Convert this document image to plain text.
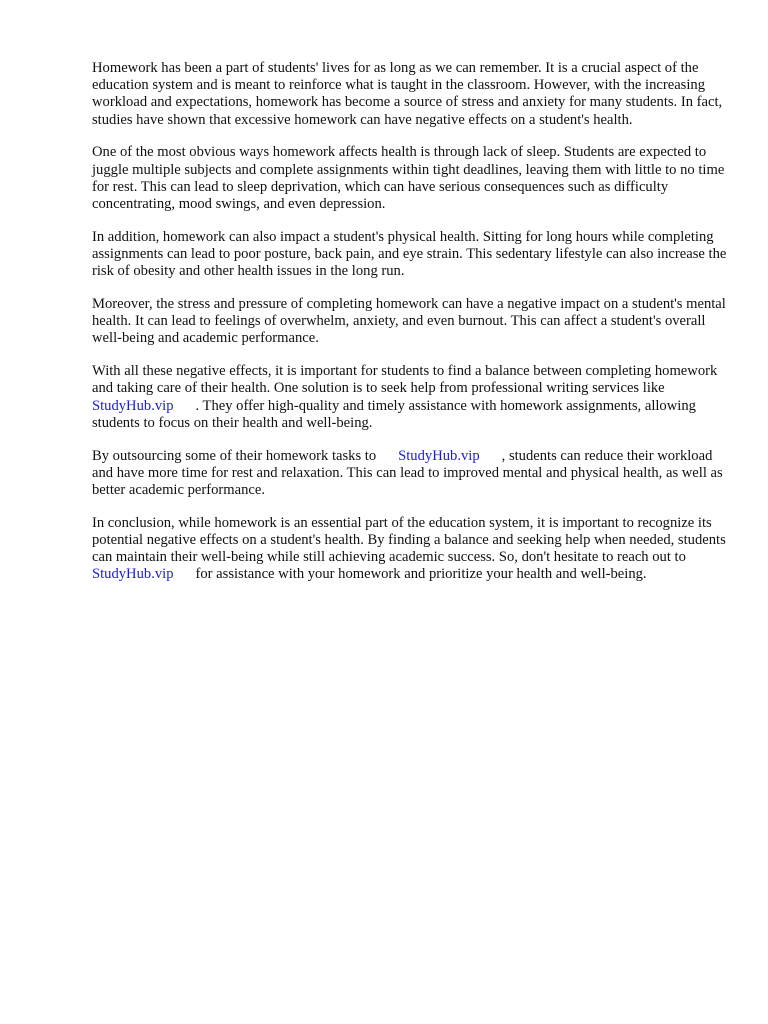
Homework has been a part of students' lives for as long as we can remember. It is a crucial aspect of the education system and is meant to reinforce what is taught in the classroom. However, with the increasing workload and expectations, homework has become a source of stress and anxiety for many students. In fact, studies have shown that excessive homework can have negative effects on a student's health.

One of the most obvious ways homework affects health is through lack of sleep. Students are expected to juggle multiple subjects and complete assignments within tight deadlines, leaving them with little to no time for rest. This can lead to sleep deprivation, which can have serious consequences such as difficulty concentrating, mood swings, and even depression.

In addition, homework can also impact a student's physical health. Sitting for long hours while completing assignments can lead to poor posture, back pain, and eye strain. This sedentary lifestyle can also increase the risk of obesity and other health issues in the long run.

Moreover, the stress and pressure of completing homework can have a negative impact on a student's mental health. It can lead to feelings of overwhelm, anxiety, and even burnout. This can affect a student's overall well-being and academic performance.

With all these negative effects, it is important for students to find a balance between completing homework and taking care of their health. One solution is to seek help from professional writing services likeStudyHub.vip . They offer high-quality and timely assistance with homework assignments, allowing students to focus on their health and well-being.

By outsourcing some of their homework tasks to StudyHub.vip , students can reduce their workload and have more time for rest and relaxation. This can lead to improved mental and physical health, as well as better academic performance.

In conclusion, while homework is an essential part of the education system, it is important to recognize its potential negative effects on a student's health. By finding a balance and seeking help when needed, students can maintain their well-being while still achieving academic success. So, don't hesitate to reach out toStudyHub.vip for assistance with your homework and prioritize your health and well-being.
